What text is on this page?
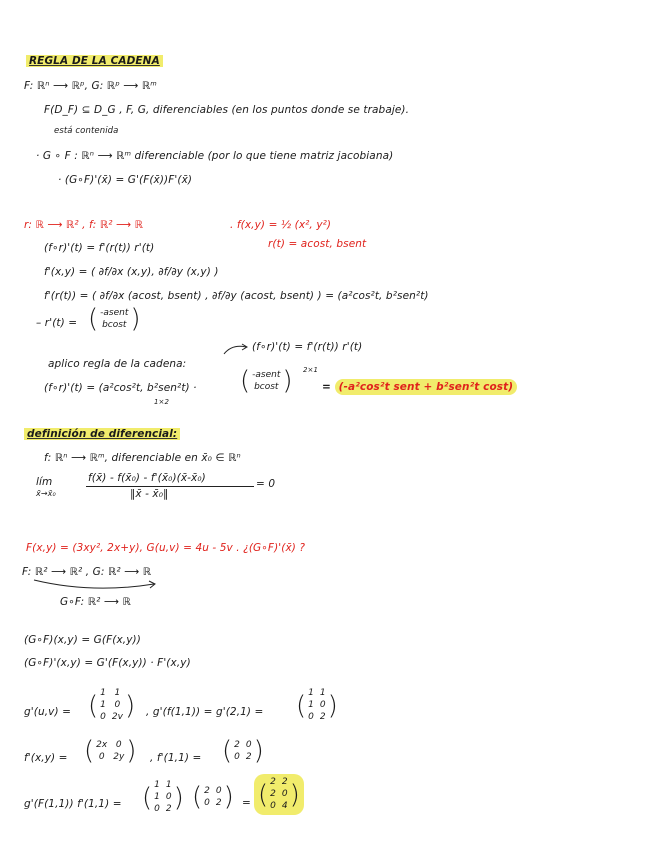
REGLA DE LA CADENA
F: ℝⁿ ⟶ ℝᵖ, G: ℝᵖ ⟶ ℝᵐ
F(D_F) ⊆ D_G , F, G, diferenciables (en los puntos donde se trabaje).
está contenida
· G ∘ F : ℝⁿ ⟶ ℝᵐ diferenciable (por lo que tiene matriz jacobiana)
· (G∘F)'(x̄) = G'(F(x̄))F'(x̄)
r: ℝ ⟶ ℝ² , f: ℝ² ⟶ ℝ	. f(x,y) = ½ (x², y²)
(f∘r)'(t) = f'(r(t)) r'(t)	r(t) = acost, bsent
f'(x,y) = ( ∂f/∂x (x,y), ∂f/∂y (x,y) )
f'(r(t)) = ( ∂f/∂x (acost, bsent) , ∂f/∂y (acost, bsent) ) = (a²cos²t, b²sen²t)
– r'(t) = ( -asent
bcost )
aplico regla de la cadena:
(f∘r)'(t) = f'(r(t)) r'(t)
(f∘r)'(t) = (a²cos²t, b²sen²t) ·
1×2
( -asent
bcost ) 2×1
= (-a²cos²t sent + b²sen²t cost)
definición de diferencial:
f: ℝⁿ ⟶ ℝᵐ, diferenciable en x̄₀ ∈ ℝⁿ
lím
x̄→x̄₀
f(x̄) - f(x̄₀) - f'(x̄₀)(x̄-x̄₀)
‖x̄ - x̄₀‖
= 0
F(x,y) = (3xy², 2x+y), G(u,v) = 4u - 5v . ¿(G∘F)'(x̄) ?
F: ℝ² ⟶ ℝ² , G: ℝ² ⟶ ℝ
G∘F: ℝ² ⟶ ℝ
(G∘F)(x,y) = G(F(x,y))
(G∘F)'(x,y) = G'(F(x,y)) · F'(x,y)
g'(u,v) = ( 1 1
1 0
0 2v ) , g'(f(1,1)) = g'(2,1) = ( 1 1
1 0
0 2 )
f'(x,y) = ( 2x 0
0 2y ) , f'(1,1) = ( 2 0
0 2 )
g'(F(1,1)) f'(1,1) = ( 1 1
1 0
0 2 ) ( 2 0
0 2 ) = ( 2 2
2 0
0 4 )
